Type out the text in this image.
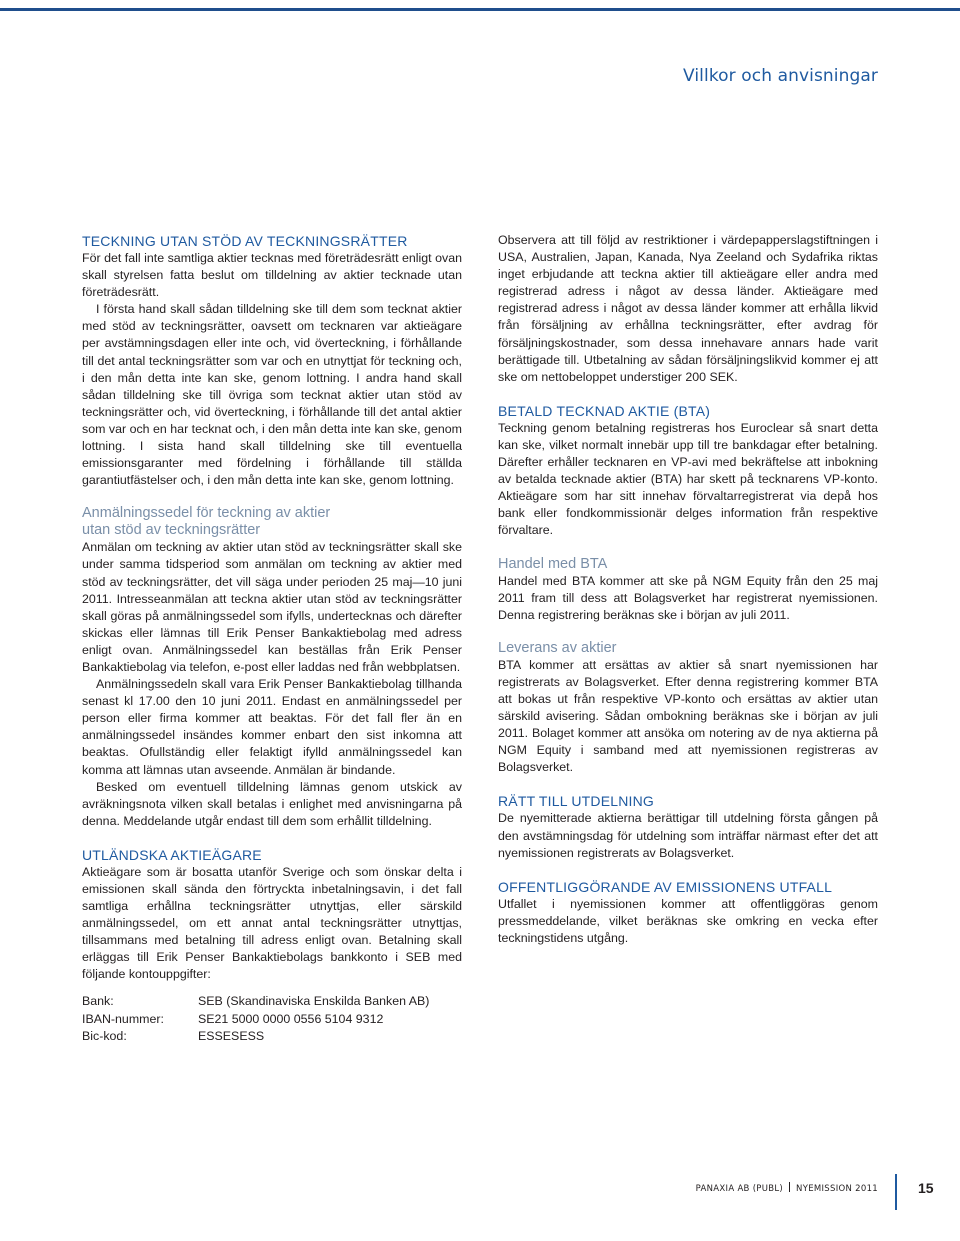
Villkor och anvisningar
TECKNING UTAN STÖD AV TECKNINGSRÄTTER

För det fall inte samtliga aktier tecknas med företrädesrätt enligt ovan skall styrelsen fatta beslut om tilldelning av aktier tecknade utan företrädesrätt.

I första hand skall sådan tilldelning ske till dem som tecknat aktier med stöd av teckningsrätter, oavsett om tecknaren var aktieägare per avstämningsdagen eller inte och, vid överteckning, i förhållande till det antal teckningsrätter som var och en utnyttjat för teckning och, i den mån detta inte kan ske, genom lottning. I andra hand skall sådan tilldelning ske till övriga som tecknat aktier utan stöd av teckningsrätter och, vid överteckning, i förhållande till det antal aktier som var och en har tecknat och, i den mån detta inte kan ske, genom lottning. I sista hand skall tilldelning ske till eventuella emissionsgaranter med fördelning i förhållande till ställda garantiutfästelser och, i den mån detta inte kan ske, genom lottning.

Anmälningssedel för teckning av aktier
utan stöd av teckningsrätter

Anmälan om teckning av aktier utan stöd av teckningsrätter skall ske under samma tidsperiod som anmälan om teckning av aktier med stöd av teckningsrätter, det vill säga under perioden 25 maj—10 juni 2011. Intresseanmälan att teckna aktier utan stöd av teckningsrätter skall göras på anmälningssedel som ifylls, undertecknas och därefter skickas eller lämnas till Erik Penser Bankaktiebolag med adress enligt ovan. Anmälningssedel kan beställas från Erik Penser Bankaktiebolag via telefon, e-post eller laddas ned från webbplatsen.

Anmälningssedeln skall vara Erik Penser Bankaktiebolag tillhanda senast kl 17.00 den 10 juni 2011. Endast en anmälningssedel per person eller firma kommer att beaktas. För det fall fler än en anmälningssedel insändes kommer enbart den sist inkomna att beaktas. Ofullständig eller felaktigt ifylld anmälningssedel kan komma att lämnas utan avseende. Anmälan är bindande.

Besked om eventuell tilldelning lämnas genom utskick av avräkningsnota vilken skall betalas i enlighet med anvisningarna på denna. Meddelande utgår endast till dem som erhållit tilldelning.

UTLÄNDSKA AKTIEÄGARE

Aktieägare som är bosatta utanför Sverige och som önskar delta i emissionen skall sända den förtryckta inbetalningsavin, i det fall samtliga erhållna teckningsrätter utnyttjas, eller särskild anmälningssedel, om ett annat antal teckningsrätter utnyttjas, tillsammans med betalning till adress enligt ovan. Betalning skall erläggas till Erik Penser Bankaktiebolags bankkonto i SEB med följande kontouppgifter:

Bank:	SEB (Skandinaviska Enskilda Banken AB)
IBAN-nummer:	SE21 5000 0000 0556 5104 9312
Bic-kod:	ESSESESS

Observera att till följd av restriktioner i värdepapperslagstiftningen i USA, Australien, Japan, Kanada, Nya Zeeland och Sydafrika riktas inget erbjudande att teckna aktier till aktieägare eller andra med registrerad adress i något av dessa länder. Aktieägare med registrerad adress i något av dessa länder kommer att erhålla likvid från försäljning av erhållna teckningsrätter, efter avdrag för försäljningskostnader, som dessa innehavare annars hade varit berättigade till. Utbetalning av sådan försäljningslikvid kommer ej att ske om nettobeloppet understiger 200 SEK.

BETALD TECKNAD AKTIE (BTA)

Teckning genom betalning registreras hos Euroclear så snart detta kan ske, vilket normalt innebär upp till tre bankdagar efter betalning. Därefter erhåller tecknaren en VP-avi med bekräftelse att inbokning av betalda tecknade aktier (BTA) har skett på tecknarens VP-konto. Aktieägare som har sitt innehav förvaltarregistrerat via depå hos bank eller fondkommissionär delges information från respektive förvaltare.

Handel med BTA

Handel med BTA kommer att ske på NGM Equity från den 25 maj 2011 fram till dess att Bolagsverket har registrerat nyemissionen. Denna registrering beräknas ske i början av juli 2011.

Leverans av aktier

BTA kommer att ersättas av aktier så snart nyemissionen har registrerats av Bolagsverket. Efter denna registrering kommer BTA att bokas ut från respektive VP-konto och ersättas av aktier utan särskild avisering. Sådan ombokning beräknas ske i början av juli 2011. Bolaget kommer att ansöka om notering av de nya aktierna på NGM Equity i samband med att nyemissionen registreras av Bolagsverket.

RÄTT TILL UTDELNING

De nyemitterade aktierna berättigar till utdelning första gången på den avstämningsdag för utdelning som inträffar närmast efter det att nyemissionen registrerats av Bolagsverket.

OFFENTLIGGÖRANDE AV EMISSIONENS UTFALL

Utfallet i nyemissionen kommer att offentliggöras genom pressmeddelande, vilket beräknas ske omkring en vecka efter teckningstidens utgång.

PANAXIA AB (PUBL) NYEMISSION 2011	15
